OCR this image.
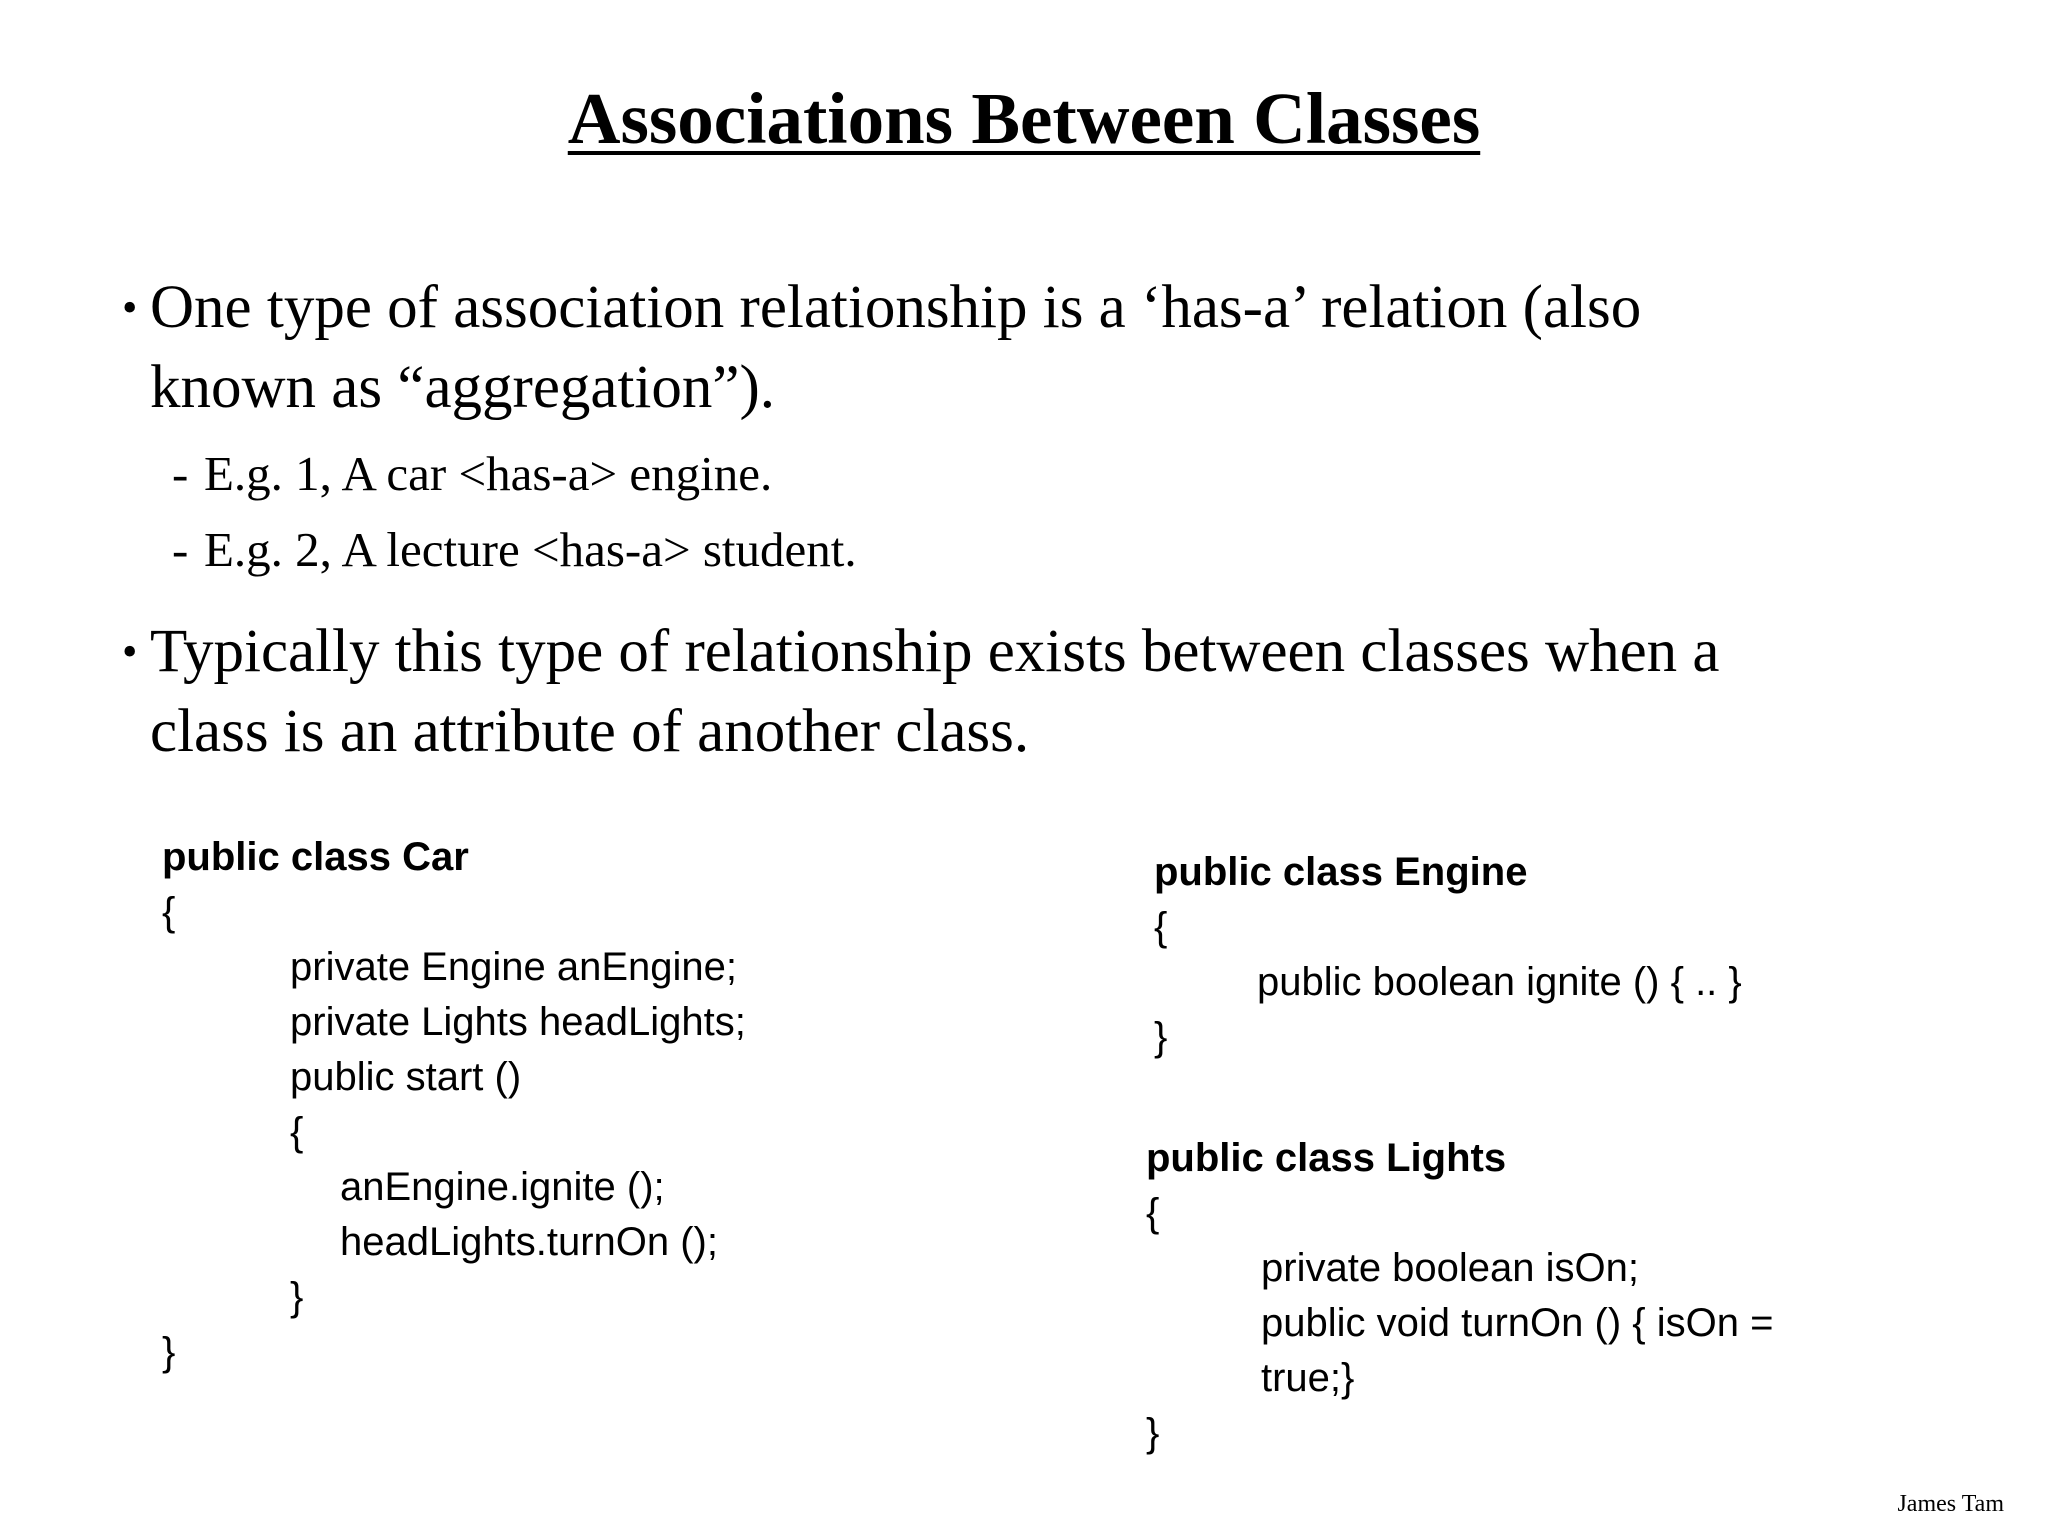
Associations Between Classes
• One type of association relationship is a ‘has-a’ relation (also
known as “aggregation”).
- E.g. 1, A car <has-a> engine.
- E.g. 2, A lecture <has-a> student.
• Typically this type of relationship exists between classes when a
class is an attribute of another class.
public class Car
{
private Engine anEngine;
private Lights headLights;
public start ()
{
anEngine.ignite ();
headLights.turnOn ();
}
}
public class Engine
{
public boolean ignite () { .. }
}
public class Lights
{
private boolean isOn;
public void turnOn () { isOn =
true;}
}
James Tam
